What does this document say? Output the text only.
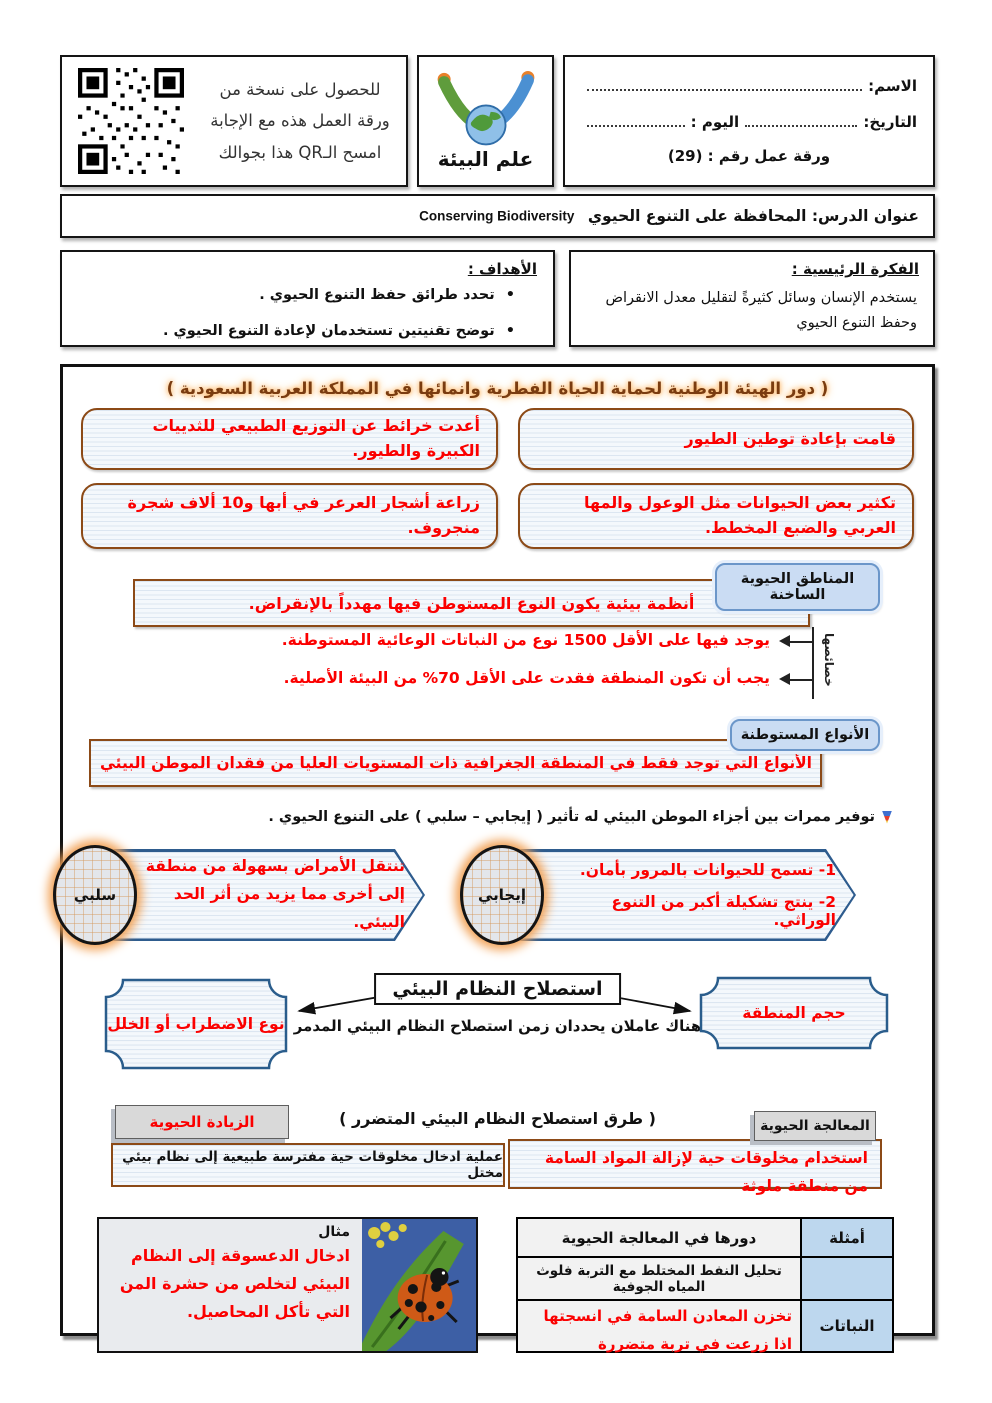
الاسم:
التاريخ:
اليوم :
ورقة عمل رقم : (29)
علم البيئة
للحصول على نسخة من
ورقة العمل هذه مع الإجابة
امسح الـQR هذا بجوالك
عنوان الدرس: المحافظة على التنوع الحيوي
Conserving Biodiversity
الفكرة الرئيسية :

يستخدم الإنسان وسائل كثيرةً لتقليل معدل الانقراض وحفظ التنوع الحيوي

الأهداف :
• تحدد طرائق حفظ التنوع الحيوي .
• توضح تقنيتين تستخدمان لإعادة التنوع الحيوي .
( دور الهيئة الوطنية لحماية الحياة الفطرية وانمائها في المملكة العربية السعودية )
قامت بإعادة توطين الطيور
أعدت خرائط عن التوزيع الطبيعي للثدييات الكبيرة والطيور.
تكثير بعض الحيوانات مثل الوعول والمها العربي والضبع المخطط.
زراعة أشجار العرعر في أبها و10 ألاف شجرة منجروف.
المناطق الحيوية الساخنة
أنظمة بيئية يكون النوع المستوطن فيها مهدداً بالإنقراض.
خصائصها
يوجد فيها على الأقل 1500 نوع من النباتات الوعائية المستوطنة.
يجب أن تكون المنطقة فقدت على الأقل 70% من البيئة الأصلية.
الأنواع المستوطنة
الأنواع التي توجد فقط في المنطقة الجغرافية ذات المستويات العليا من فقدان الموطن البيئي
توفير ممرات بين أجزاء الموطن البيئي له تأثير ( إيجابي – سلبي ) على التنوع الحيوي .
1- تسمح للحيوانات بالمرور بأمان.
2- ينتج تشكيلة أكبر من التنوع الوراثي.
إيجابي
تنتقل الأمراض بسهولة من منطقة إلى أخرى مما يزيد من أثر الحد البيئي.
سلبي
استصلاح النظام البيئي
هناك عاملان يحددان زمن استصلاح النظام البيئي المدمر
حجم المنطقة
نوع الاضطراب أو الخلل
( طرق استصلاح النظام البيئي المتضرر )	المعالجة الحيوية
استخدام مخلوقات حية لإزالة المواد السامة من منطقة ملوثة
الزيادة الحيوية
عملية ادخال مخلوقات حية مفترسة طبيعية إلى نظام بيئي مختل
أمثلة	دورها في المعالجة الحيوية
	تحليل النفط المختلط مع التربة فلوث المياه الجوفية
النباتات	تخزن المعادن السامة في انسجتها اذا زرعت في تربة متضررة
مثال
ادخال الدعسوقة إلى النظام البيئي لتخلص من حشرة المن التي تأكل المحاصيل.
